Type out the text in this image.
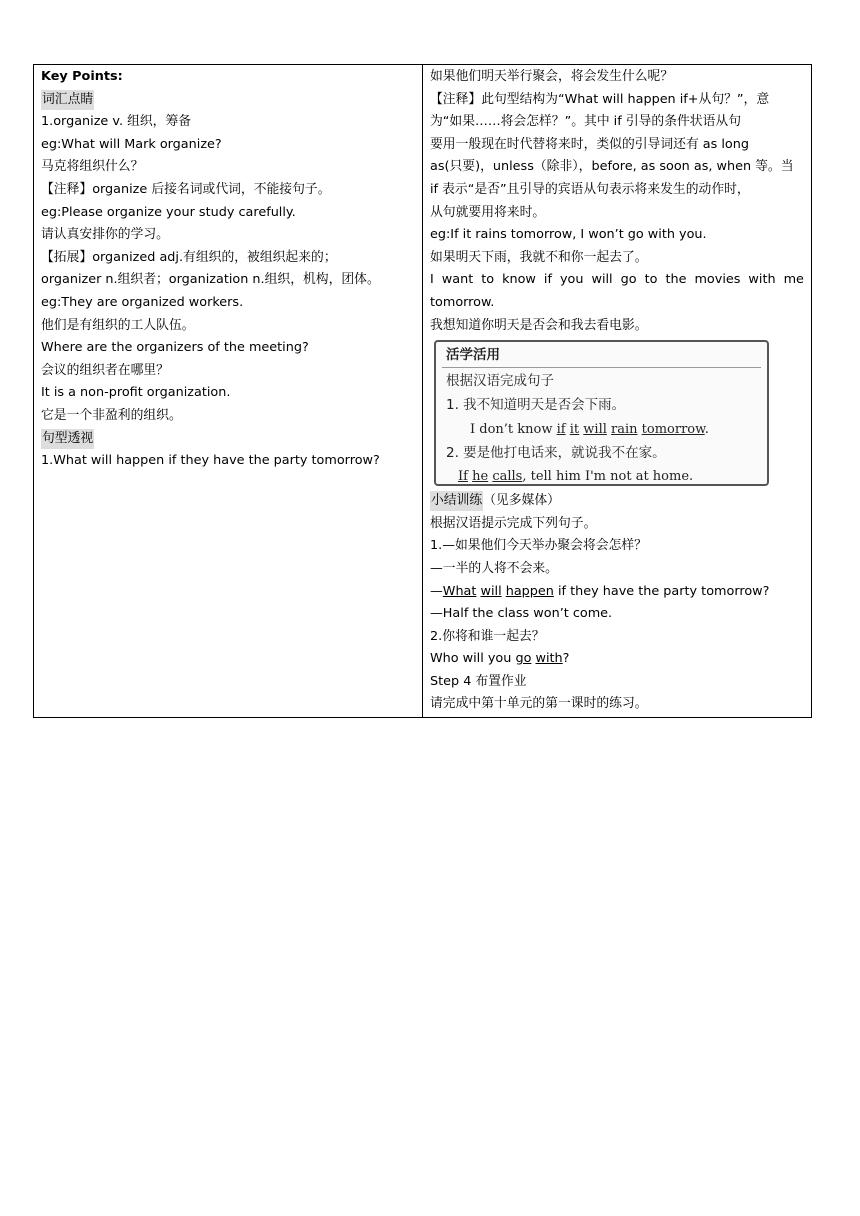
Key Points:
词汇点睛
1.organize v. 组织，筹备
eg:What will Mark organize?
马克将组织什么？
【注释】organize 后接名词或代词，不能接句子。
eg:Please organize your study carefully.
请认真安排你的学习。
【拓展】organized adj.有组织的，被组织起来的；
organizer n.组织者；organization n.组织，机构，团体。
eg:They are organized workers.
他们是有组织的工人队伍。
Where are the organizers of the meeting?
会议的组织者在哪里？
It is a non-profit organization.
它是一个非盈利的组织。
句型透视
1.What will happen if they have the party tomorrow?
如果他们明天举行聚会，将会发生什么呢？
【注释】此句型结构为“What will happen if+从句？”，意
为“如果……将会怎样？”。其中 if 引导的条件状语从句
要用一般现在时代替将来时，类似的引导词还有 as long
as(只要)，unless（除非），before, as soon as, when 等。当
if 表示“是否”且引导的宾语从句表示将来发生的动作时，
从句就要用将来时。
eg:If it rains tomorrow, I won’t go with you.
如果明天下雨，我就不和你一起去了。
I want to know if you will go to the movies with me
tomorrow.
我想知道你明天是否会和我去看电影。
活学活用
根据汉语完成句子
1. 我不知道明天是否会下雨。
I don’t know if it will rain tomorrow.
2. 要是他打电话来，就说我不在家。
If he calls, tell him I'm not at home.
小结训练（见多媒体）
根据汉语提示完成下列句子。
1.—如果他们今天举办聚会将会怎样？
—一半的人将不会来。
—What will happen if they have the party tomorrow?
—Half the class won’t come.
2.你将和谁一起去？
Who will you go with?
Step 4 布置作业
请完成中第十单元的第一课时的练习。
